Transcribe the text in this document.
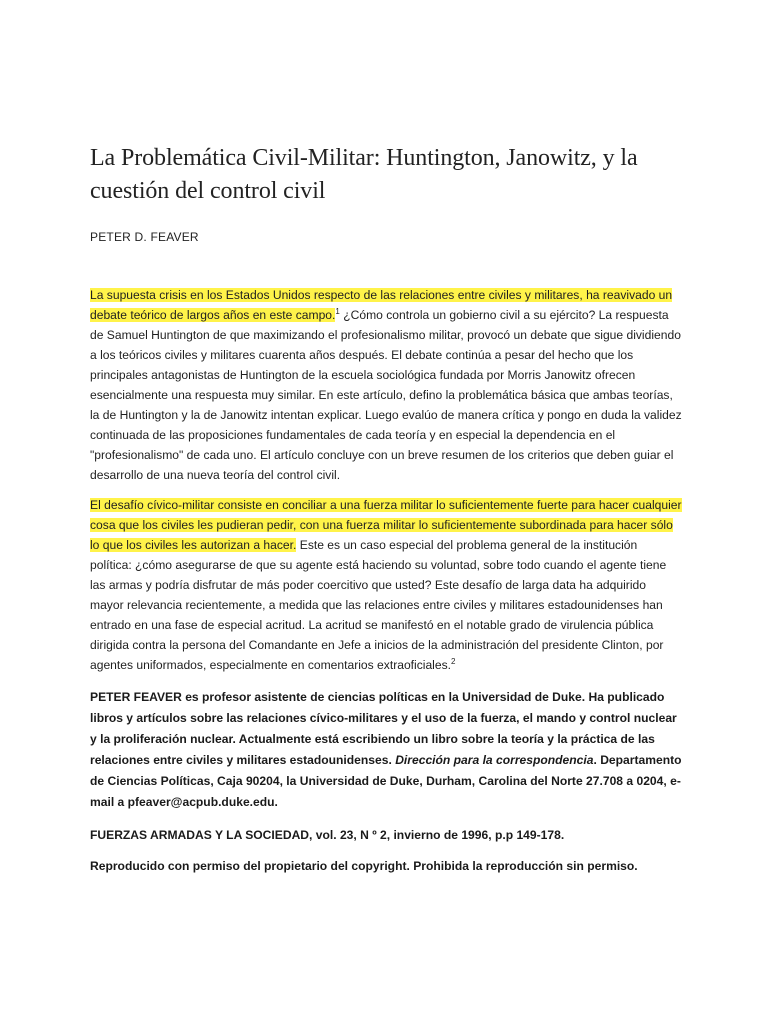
La Problemática Civil-Militar: Huntington, Janowitz, y la cuestión del control civil
PETER D. FEAVER

La supuesta crisis en los Estados Unidos respecto de las relaciones entre civiles y militares, ha reavivado un debate teórico de largos años en este campo.$^1$ ¿Cómo controla un gobierno civil a su ejército? La respuesta de Samuel Huntington de que maximizando el profesionalismo militar, provocó un debate que sigue dividiendo a los teóricos civiles y militares cuarenta años después. El debate continúa a pesar del hecho que los principales antagonistas de Huntington de la escuela sociológica fundada por Morris Janowitz ofrecen esencialmente una respuesta muy similar. En este artículo, defino la problemática básica que ambas teorías, la de Huntington y la de Janowitz intentan explicar. Luego evalúo de manera crítica y pongo en duda la validez continuada de las proposiciones fundamentales de cada teoría y en especial la dependencia en el "profesionalismo" de cada uno. El artículo concluye con un breve resumen de los criterios que deben guiar el desarrollo de una nueva teoría del control civil.

El desafío cívico-militar consiste en conciliar a una fuerza militar lo suficientemente fuerte para hacer cualquier cosa que los civiles les pudieran pedir, con una fuerza militar lo suficientemente subordinada para hacer sólo lo que los civiles les autorizan a hacer. Este es un caso especial del problema general de la institución política: ¿cómo asegurarse de que su agente está haciendo su voluntad, sobre todo cuando el agente tiene las armas y podría disfrutar de más poder coercitivo que usted? Este desafío de larga data ha adquirido mayor relevancia recientemente, a medida que las relaciones entre civiles y militares estadounidenses han entrado en una fase de especial acritud. La acritud se manifestó en el notable grado de virulencia pública dirigida contra la persona del Comandante en Jefe a inicios de la administración del presidente Clinton, por agentes uniformados, especialmente en comentarios extraoficiales.$^2$

PETER FEAVER es profesor asistente de ciencias políticas en la Universidad de Duke. Ha publicado libros y artículos sobre las relaciones cívico-militares y el uso de la fuerza, el mando y control nuclear y la proliferación nuclear. Actualmente está escribiendo un libro sobre la teoría y la práctica de las relaciones entre civiles y militares estadounidenses. Dirección para la correspondencia. Departamento de Ciencias Políticas, Caja 90204, la Universidad de Duke, Durham, Carolina del Norte 27.708 a 0204, e- mail a pfeaver@acpub.duke.edu.

FUERZAS ARMADAS Y LA SOCIEDAD, vol. 23, N º 2, invierno de 1996, p.p 149-178.

Reproducido con permiso del propietario del copyright. Prohibida la reproducción sin permiso.
